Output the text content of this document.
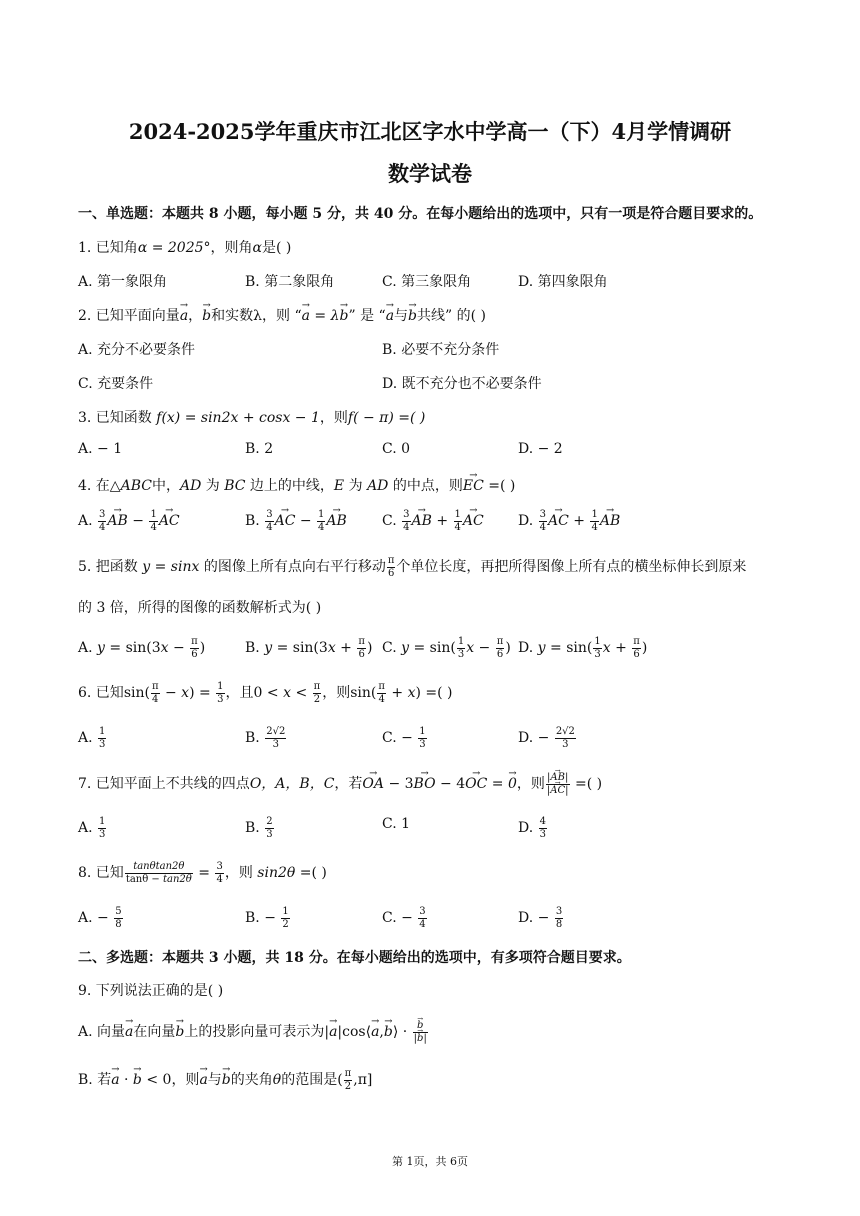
2024-2025学年重庆市江北区字水中学高一（下）4月学情调研
数学试卷
一、单选题：本题共 8 小题，每小题 5 分，共 40 分。在每小题给出的选项中，只有一项是符合题目要求的。
1. 已知角α = 2025°，则角α是( )
A. 第一象限角	B. 第二象限角	C. 第三象限角	D. 第四象限角
2. 已知平面向量a →，b →和实数λ，则 “a → = λb →” 是 “a →与b →共线” 的( )
A. 充分不必要条件	B. 必要不充分条件
C. 充要条件	D. 既不充分也不必要条件
3. 已知函数 f(x) = sin2x + cosx − 1，则f( − π) =( )
A. − 1	B. 2	C. 0	D. − 2
4. 在△ABC中，AD 为 BC 边上的中线，E 为 AD 的中点，则EC → =( )
A. $\frac{3}{4}$ AB → − $\frac{1}{4}$ AC →	B. $\frac{3}{4}$ AC → − $\frac{1}{4}$ AB →	C. $\frac{3}{4}$ AB → + $\frac{1}{4}$ AC → D. $\frac{3}{4}$ AC → + $\frac{1}{4}$ AB →
5. 把函数 y = sinx 的图像上所有点向右平行移动 $\frac{\pi}{6}$ 个单位长度，再把所得图像上所有点的横坐标伸长到原来
的 3 倍，所得的图像的函数解析式为( )
A. $y = \sin(3x - \frac{\pi}{6}$ )	B. $y = \sin(3x + \frac{\pi}{6}$ ) C. $y = \sin( \frac{1}{3}$ $x - \frac{\pi}{6}$ ) D. $y = \sin( \frac{1}{3}$ $x + \frac{\pi}{6}$ )
6. 已知$\sin( \frac{\pi}{4} - x) = \frac{1}{3}$ ，且$0 < x < \frac{\pi}{2}$ ，则$\sin( \frac{\pi}{4} + x)$ =( )
A. $\frac{1}{3}$	B. $\frac{2√2}{3}$	C. − $\frac{1}{3}$	D. − $\frac{2√2}{3}$
7. 已知平面上不共线的四点O，A，B，C，若OA → − 3BO → − 4OC → = 0 →，则 $\frac{|AB \to|}{|AC \to|}$ =( )
A. $\frac{1}{3}$	B. $\frac{2}{3}$	C. 1	D. $\frac{4}{3}$
8. 已知 $\frac{\tan\theta\tan 2\theta}{\tan\theta - \tan 2\theta} = \frac{3}{4}$ ，则 sin2θ =( )
A. − $\frac{5}{8}$	B. − $\frac{1}{2}$	C. − $\frac{3}{4}$	D. − $\frac{3}{8}$
二、多选题：本题共 3 小题，共 18 分。在每小题给出的选项中，有多项符合题目要求。
9. 下列说法正确的是( )
A. 向量a →在向量b →上的投影向量可表示为|a →|cos⟨a →,b →⟩ · $\frac{b \to}{|b \to|}$
B. 若a → · b → < 0，则a →与b →的夹角θ的范围是( $\frac{\pi}{2} ,\pi$]
第 1页，共 6页
